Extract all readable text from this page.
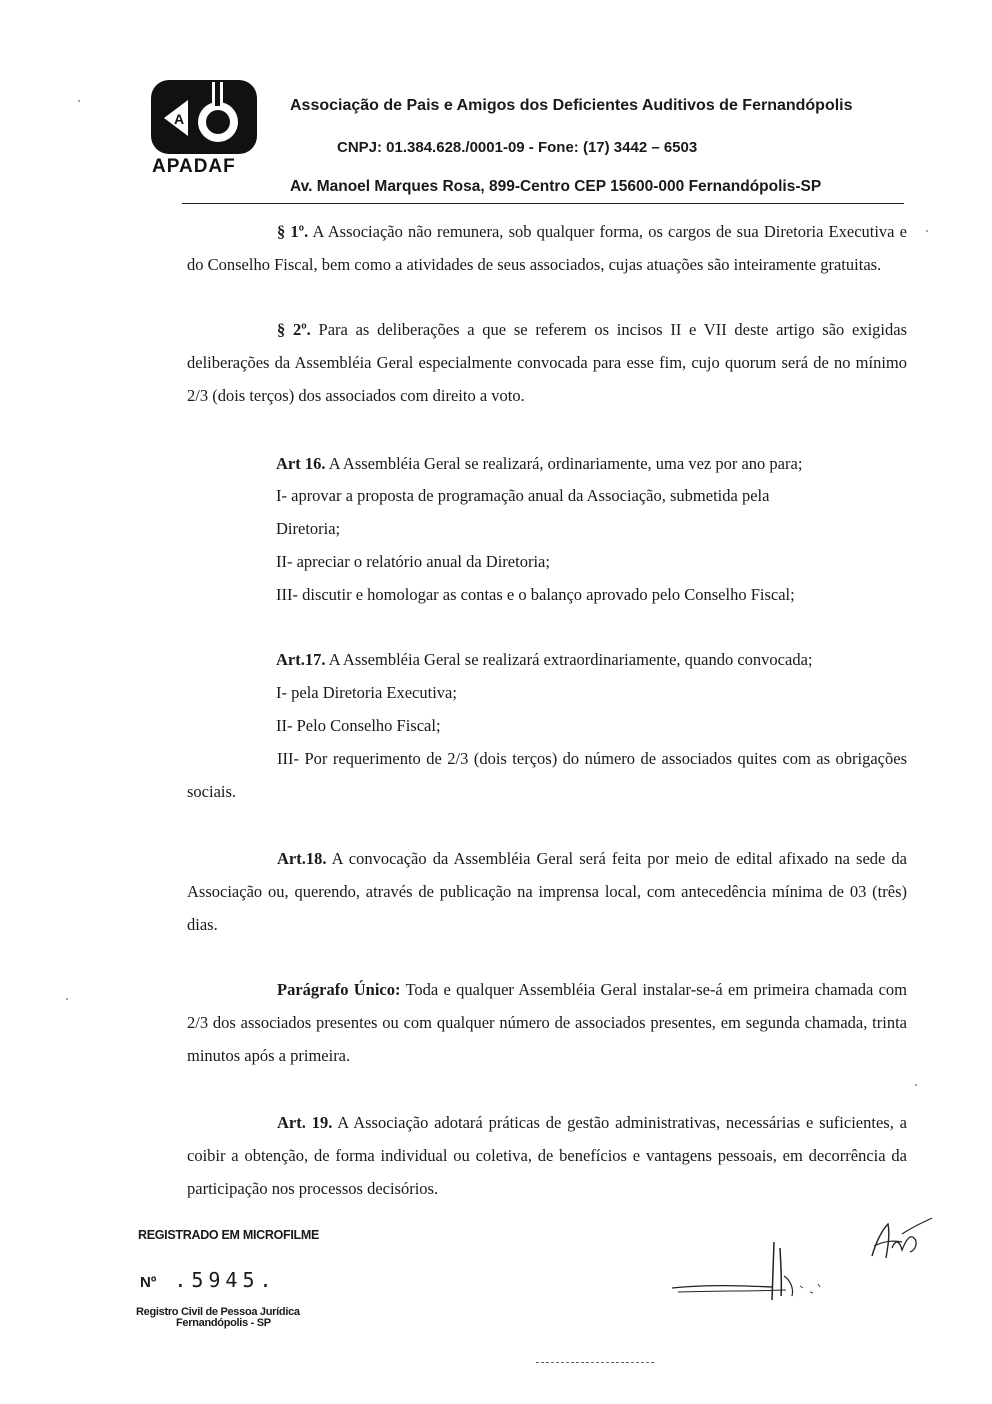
A
APADAF
Associação de Pais e Amigos dos Deficientes Auditivos de Fernandópolis
CNPJ: 01.384.628./0001-09 - Fone: (17) 3442 – 6503
Av. Manoel Marques Rosa, 899-Centro CEP 15600-000 Fernandópolis-SP

§ 1º. A Associação não remunera, sob qualquer forma, os cargos de sua Diretoria Executiva e do Conselho Fiscal, bem como a atividades de seus associados, cujas atuações são inteiramente gratuitas.

§ 2º. Para as deliberações a que se referem os incisos II e VII deste artigo são exigidas deliberações da Assembléia Geral especialmente convocada para esse fim, cujo quorum será de no mínimo 2/3 (dois terços) dos associados com direito a voto.

Art 16. A Assembléia Geral se realizará, ordinariamente, uma vez por ano para;

I- aprovar a proposta de programação anual da Associação, submetida pela

Diretoria;

II- apreciar o relatório anual da Diretoria;

III- discutir e homologar as contas e o balanço aprovado pelo Conselho Fiscal;

Art.17. A Assembléia Geral se realizará extraordinariamente, quando convocada;

I- pela Diretoria Executiva;

II- Pelo Conselho Fiscal;

III- Por requerimento de 2/3 (dois terços) do número de associados quites com as obrigações sociais.

Art.18. A convocação da Assembléia Geral será feita por meio de edital afixado na sede da Associação ou, querendo, através de publicação na imprensa local, com antecedência mínima de 03 (três) dias.

Parágrafo Único: Toda e qualquer Assembléia Geral instalar-se-á em primeira chamada com 2/3 dos associados presentes ou com qualquer número de associados presentes, em segunda chamada, trinta minutos após a primeira.

Art. 19. A Associação adotará práticas de gestão administrativas, necessárias e suficientes, a coibir a obtenção, de forma individual ou coletiva, de benefícios e vantagens pessoais, em decorrência da participação nos processos decisórios.

REGISTRADO EM MICROFILME
Nº .5945.
Registro Civil de Pessoa Jurídica
Fernandópolis - SP
